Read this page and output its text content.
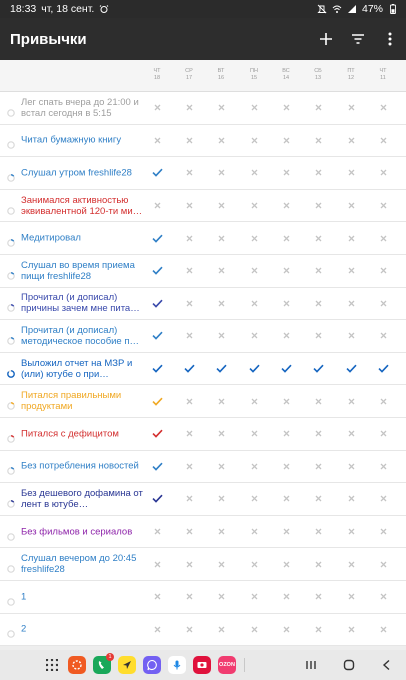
18:33 чт, 18 сент.	47%
Привычки
ЧТ
18
СР
17
ВТ
16
ПН
15
ВС
14
СБ
13
ПТ
12
ЧТ
11
Лег спать вчера до 21:00 и встал сегодня в 5:15
Читал бумажную книгу
Слушал утром freshlife28
Занимался активностью эквивалентной 120-ти ми…
Медитировал
Слушал во время приема пищи freshlife28
Прочитал (и дописал) причины зачем мне пита…
Прочитал (и дописал) методическое пособие п…
Выложил отчет на МЗР и (или) ютубе о при…
Питался правильными продуктами
Питался с дефицитом
Без потребления новостей
Без дешевого дофамина от лент в ютубе…
Без фильмов и сериалов
Слушал вечером до 20:45 freshlife28
1
2
1
OZON
